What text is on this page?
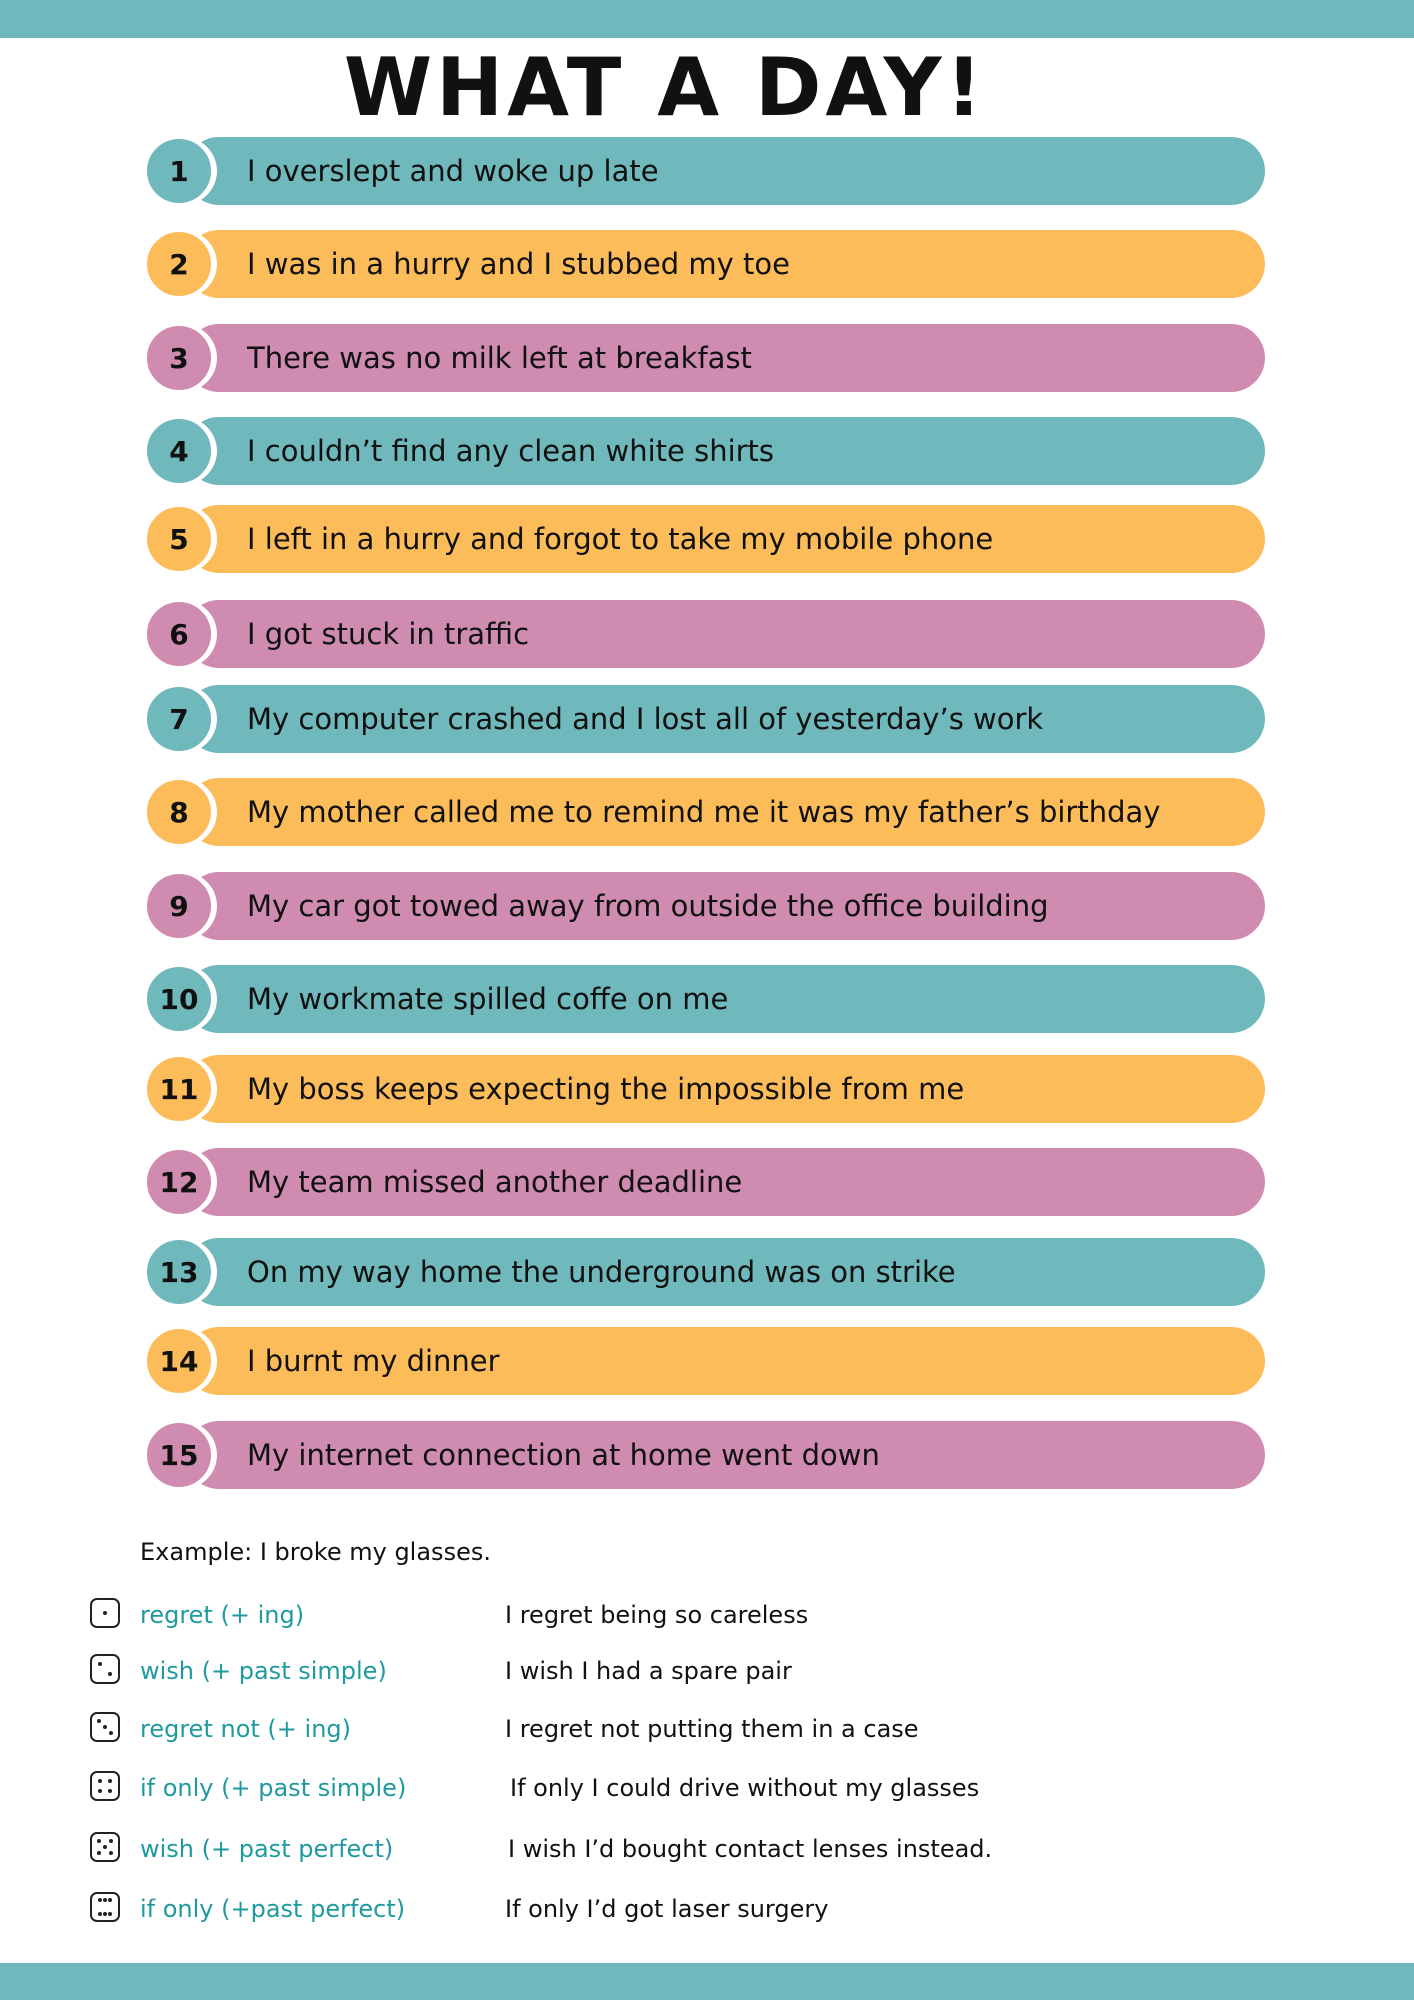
WHAT A DAY!
1	I overslept and woke up late
2	I was in a hurry and I stubbed my toe
3	There was no milk left at breakfast
4	I couldn’t find any clean white shirts
5	I left in a hurry and forgot to take my mobile phone
6	I got stuck in traffic
7	My computer crashed and I lost all of yesterday’s work
8	My mother called me to remind me it was my father’s birthday
9	My car got towed away from outside the office building
10	My workmate spilled coffe on me
11	My boss keeps expecting the impossible from me
12	My team missed another deadline
13	On my way home the underground was on strike
14	I burnt my dinner
15	My internet connection at home went down
Example: I broke my glasses.
regret (+ ing)	I regret being so careless
wish (+ past simple)	I wish I had a spare pair
regret not (+ ing)	I regret not putting them in a case
if only (+ past simple)	If only I could drive without my glasses
wish (+ past perfect)	I wish I’d bought contact lenses instead.
if only (+past perfect)	If only I’d got laser surgery
